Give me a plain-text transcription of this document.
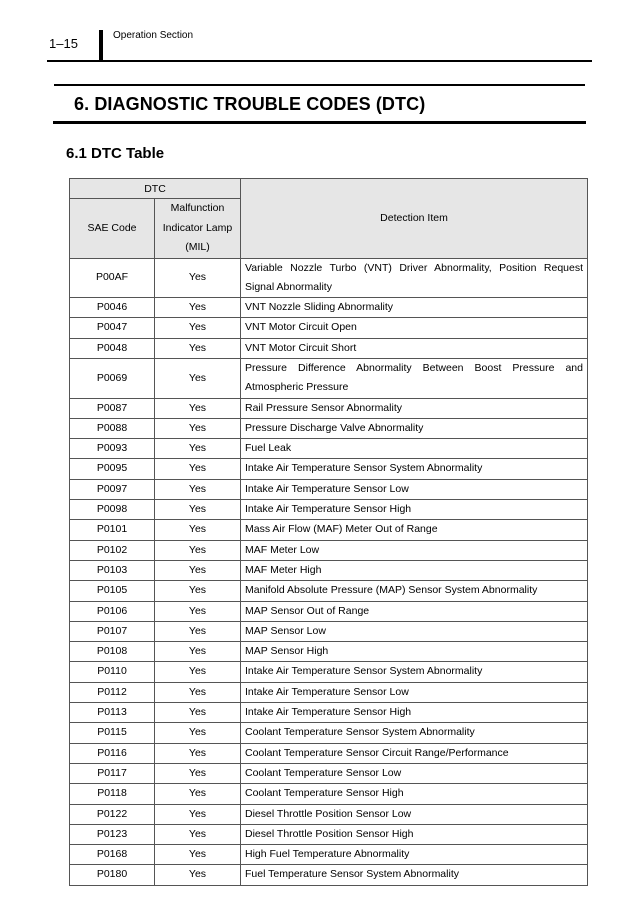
1–15
Operation Section
6. DIAGNOSTIC TROUBLE CODES (DTC)
6.1 DTC Table
DTC		Detection Item
SAE Code	Malfunction Indicator Lamp (MIL)	
P00AF	Yes	Variable Nozzle Turbo (VNT) Driver Abnormality, Position Request Signal Abnormality
P0046	Yes	VNT Nozzle Sliding Abnormality
P0047	Yes	VNT Motor Circuit Open
P0048	Yes	VNT Motor Circuit Short
P0069	Yes	Pressure Difference Abnormality Between Boost Pressure and Atmospheric Pressure
P0087	Yes	Rail Pressure Sensor Abnormality
P0088	Yes	Pressure Discharge Valve Abnormality
P0093	Yes	Fuel Leak
P0095	Yes	Intake Air Temperature Sensor System Abnormality
P0097	Yes	Intake Air Temperature Sensor Low
P0098	Yes	Intake Air Temperature Sensor High
P0101	Yes	Mass Air Flow (MAF) Meter Out of Range
P0102	Yes	MAF Meter Low
P0103	Yes	MAF Meter High
P0105	Yes	Manifold Absolute Pressure (MAP) Sensor System Abnormality
P0106	Yes	MAP Sensor Out of Range
P0107	Yes	MAP Sensor Low
P0108	Yes	MAP Sensor High
P0110	Yes	Intake Air Temperature Sensor System Abnormality
P0112	Yes	Intake Air Temperature Sensor Low
P0113	Yes	Intake Air Temperature Sensor High
P0115	Yes	Coolant Temperature Sensor System Abnormality
P0116	Yes	Coolant Temperature Sensor Circuit Range/Performance
P0117	Yes	Coolant Temperature Sensor Low
P0118	Yes	Coolant Temperature Sensor High
P0122	Yes	Diesel Throttle Position Sensor Low
P0123	Yes	Diesel Throttle Position Sensor High
P0168	Yes	High Fuel Temperature Abnormality
P0180	Yes	Fuel Temperature Sensor System Abnormality
